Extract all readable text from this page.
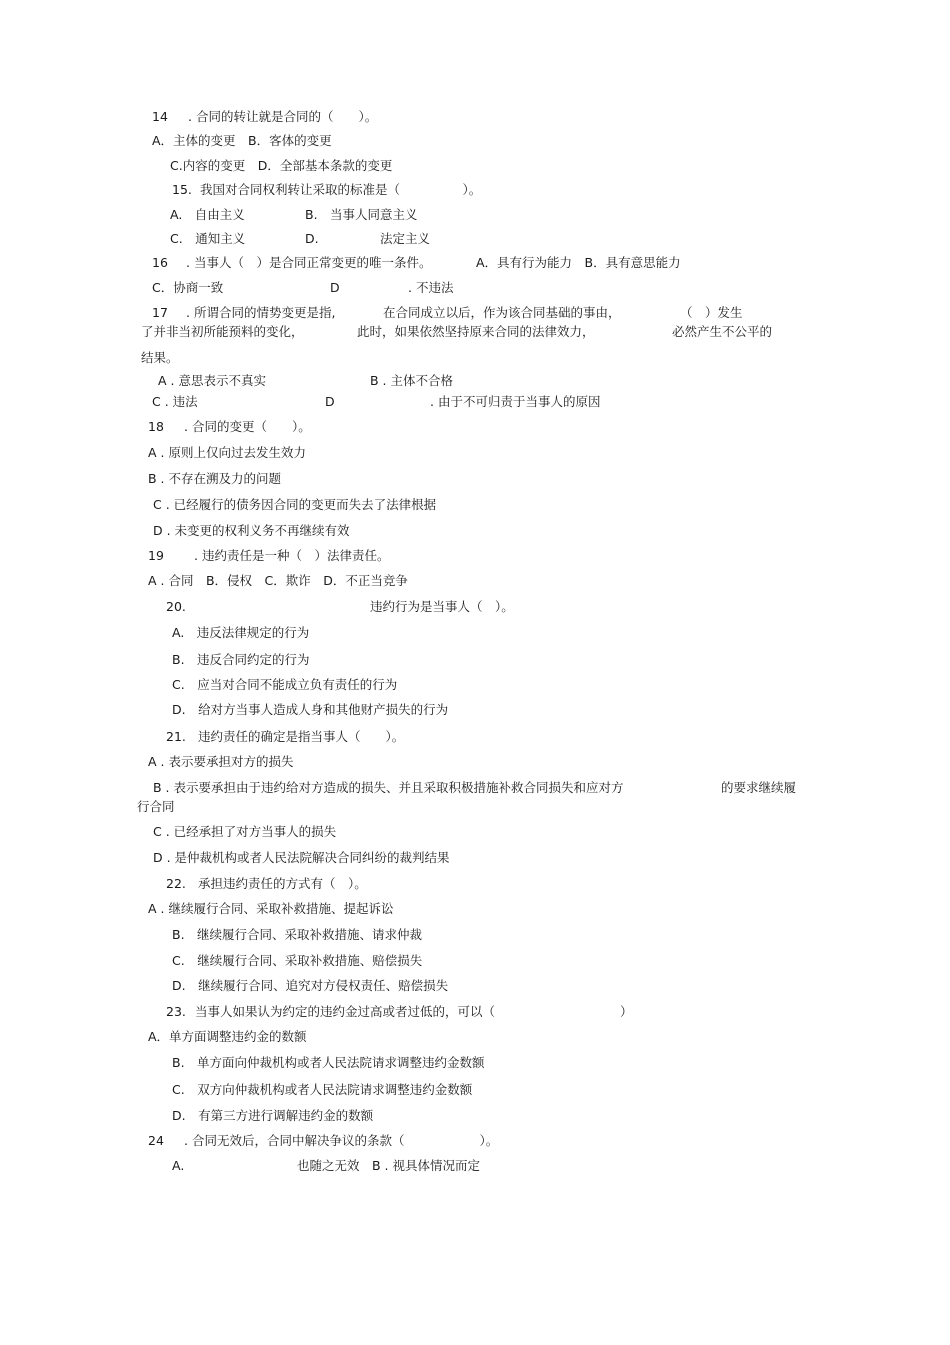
14 . 合同的转让就是合同的（　　）。
A．主体的变更　B．客体的变更
C.内容的变更　D．全部基本条款的变更
15. 我国对合同权利转让采取的标准是（　　　　　）。
A.　自由主义	B.　当事人同意主义
C.　通知主义	D.	法定主义
16 . 当事人（　）是合同正常变更的唯一条件。	A．具有行为能力　B．具有意思能力
C．协商一致	D	. 不违法
17 . 所谓合同的情势变更是指,	在合同成立以后，作为该合同基础的事由，	（　）发生
了并非当初所能预料的变化，	此时，如果依然坚持原来合同的法律效力，	必然产生不公平的
结果。
A . 意思表示不真实	B . 主体不合格
C . 违法	D	. 由于不可归责于当事人的原因
18 . 合同的变更（　　）。
A . 原则上仅向过去发生效力
B . 不存在溯及力的问题
C . 已经履行的债务因合同的变更而失去了法律根据
D . 未变更的权利义务不再继续有效
19 . 违约责任是一种（　）法律责任。
A . 合同　B．侵权　C．欺诈　D．不正当竞争
20.	违约行为是当事人（　）。
A.　违反法律规定的行为
B.　违反合同约定的行为
C.　应当对合同不能成立负有责任的行为
D.　给对方当事人造成人身和其他财产损失的行为
21. 违约责任的确定是指当事人（　　）。
A . 表示要承担对方的损失
B . 表示要承担由于违约给对方造成的损失、并且采取积极措施补救合同损失和应对方	的要求继续履
行合同
C . 已经承担了对方当事人的损失
D . 是仲裁机构或者人民法院解决合同纠纷的裁判结果
22. 承担违约责任的方式有（　）。
A . 继续履行合同、采取补救措施、提起诉讼
B.　继续履行合同、采取补救措施、请求仲裁
C.　继续履行合同、采取补救措施、赔偿损失
D.　继续履行合同、追究对方侵权责任、赔偿损失
23. 当事人如果认为约定的违约金过高或者过低的，可以（　　　　　　　　　　）
A．单方面调整违约金的数额
B.　单方面向仲裁机构或者人民法院请求调整违约金数额
C.　双方向仲裁机构或者人民法院请求调整违约金数额
D.　有第三方进行调解违约金的数额
24 . 合同无效后，合同中解决争议的条款（　　　　　　）。
A.	也随之无效　B . 视具体情况而定
